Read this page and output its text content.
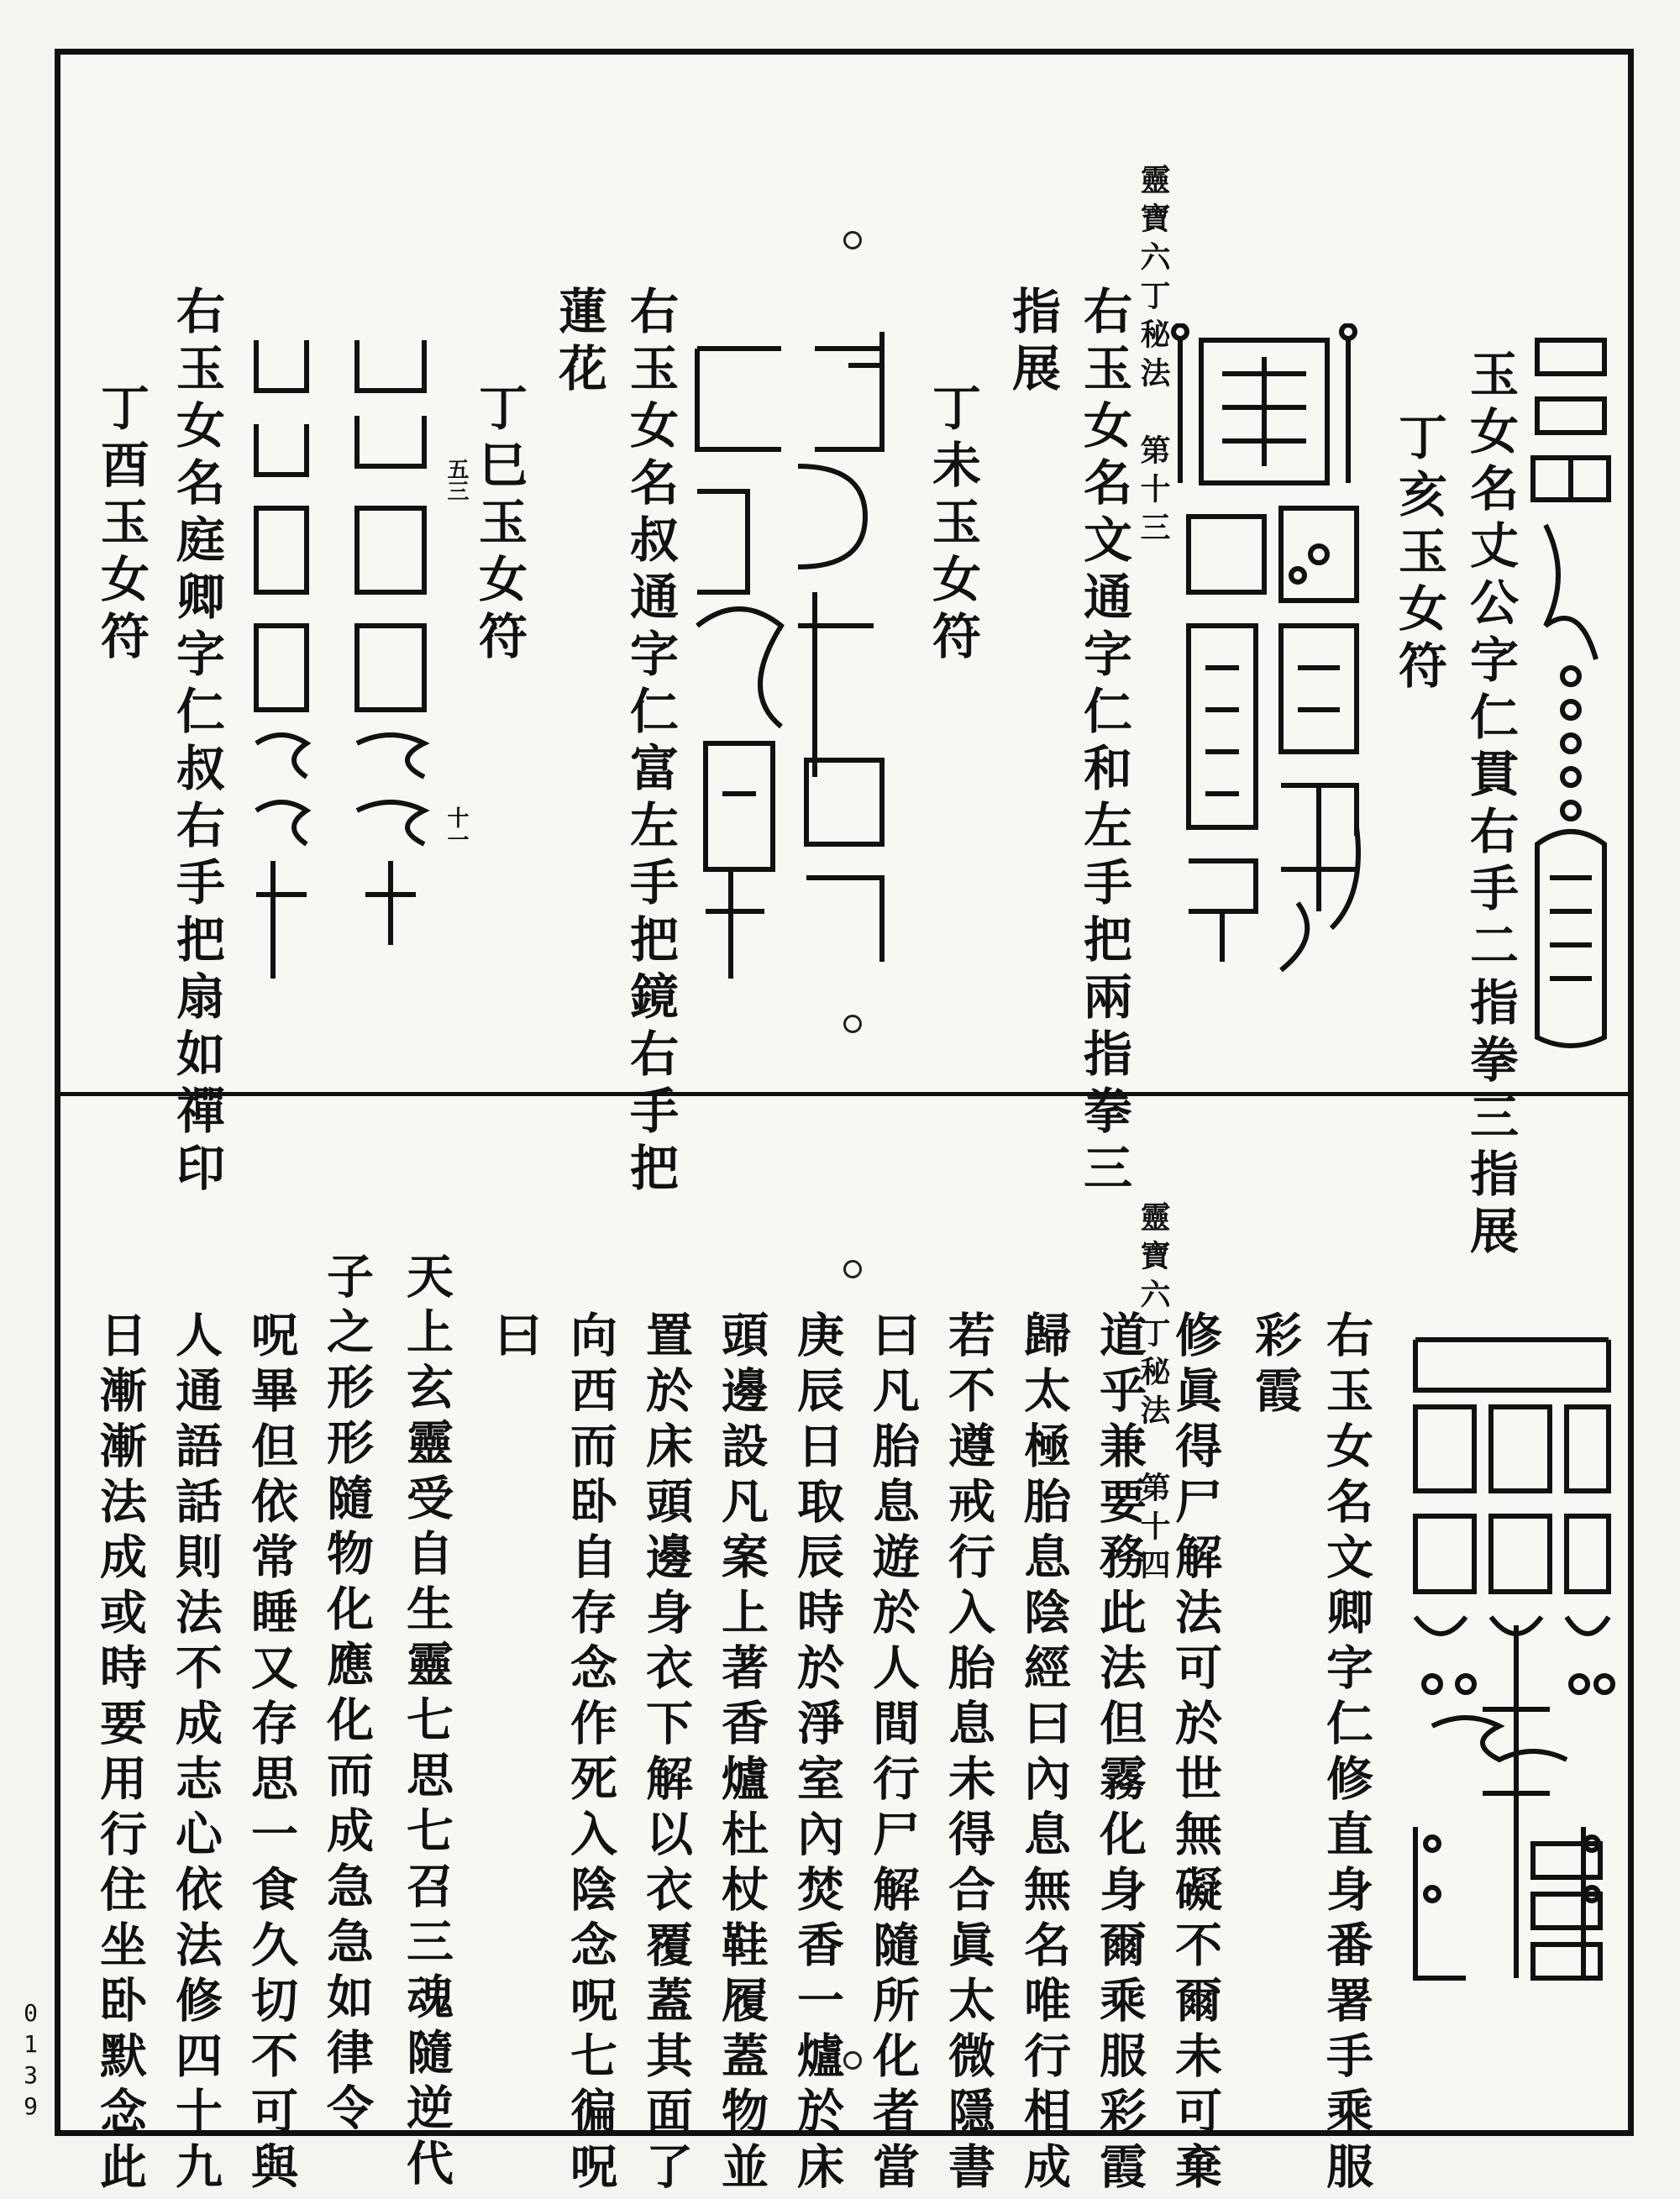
靈寶六丁秘法　第十三	玉女名丈公字仁貫右手二指拳三指展
丁亥玉女符
右玉女名文通字仁和左手把兩指拳三
指展
丁未玉女符
右玉女名叔通字仁富左手把鏡右手把
蓮花
丁巳玉女符
五三
十一
右玉女名庭卿字仁叔右手把扇如禪印
丁酉玉女符
靈寶六丁秘法　第十四	右玉女名文卿字仁修直身番署手乘服
彩霞
修眞得尸解法可於世無礙不爾未可棄
道乎兼要務此法但霧化身爾乘服彩霞
歸太極胎息陰經曰內息無名唯行相成
若不遵戒行入胎息未得合眞太微隱書
曰凡胎息遊於人間行尸解隨所化者當
庚辰日取辰時於淨室內焚香一爐於床
頭邊設凡案上著香爐杜杖鞋履蓋物並
置於床頭邊身衣下解以衣覆蓋其面了
向西而卧自存念作死入陰念呪七徧呪
曰
天上玄靈受自生靈七思七召三魂隨逆代
子之形形隨物化應化而成急急如律令
呪畢但依常睡又存思一食久切不可與
人通語話則法不成志心依法修四十九
日漸漸法成或時要用行住坐卧默念此
0139
